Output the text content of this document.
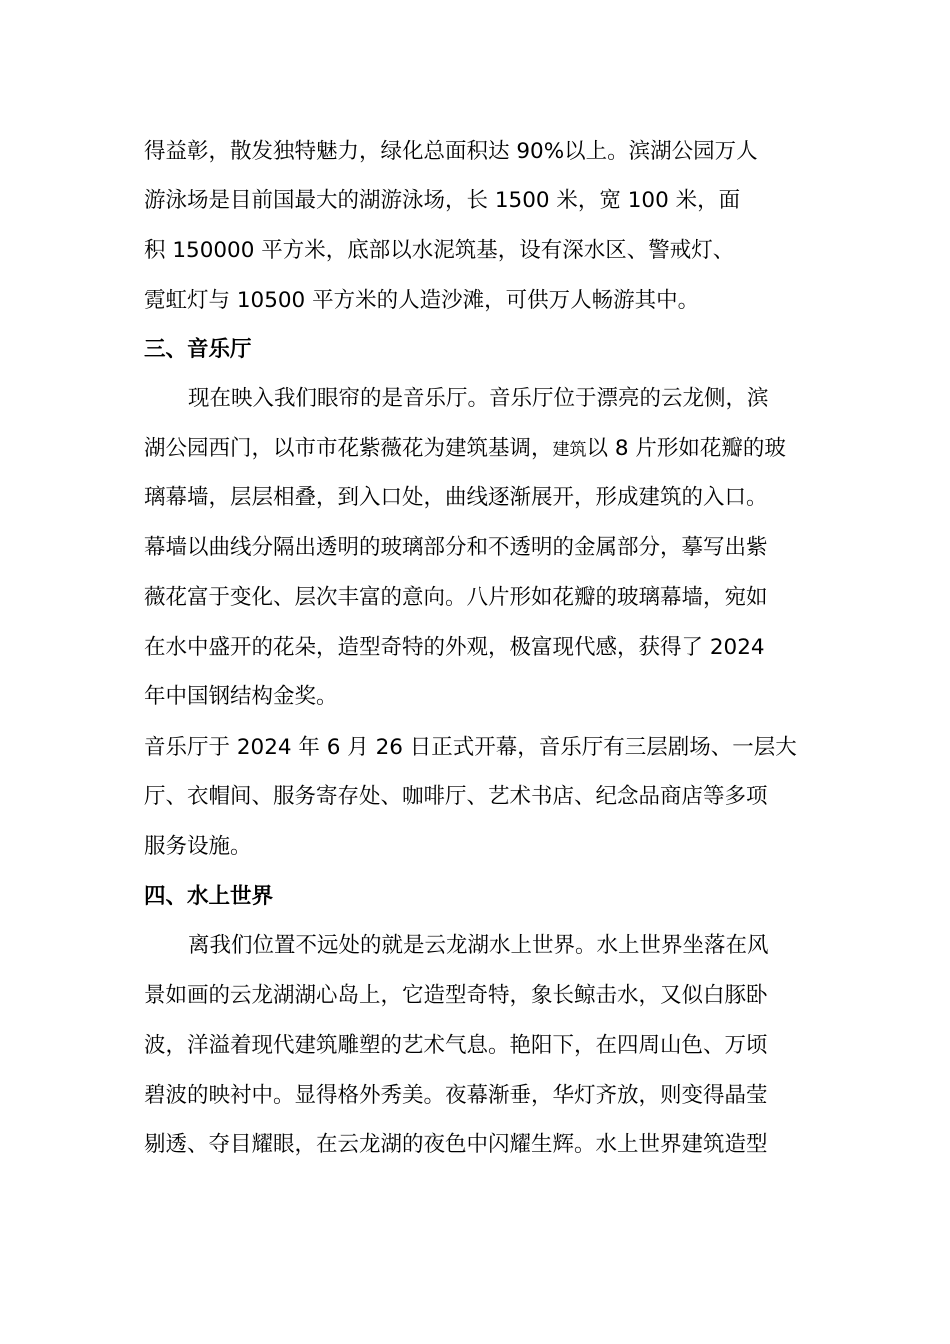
得益彰，散发独特魅力，绿化总面积达 90%以上。滨湖公园万人
游泳场是目前国最大的湖游泳场，长 1500 米，宽 100 米，面
积 150000 平方米，底部以水泥筑基，设有深水区、警戒灯、
霓虹灯与 10500 平方米的人造沙滩，可供万人畅游其中。
三、音乐厅
现在映入我们眼帘的是音乐厅。音乐厅位于漂亮的云龙侧，滨
湖公园西门，以市市花紫薇花为建筑基调，建筑以 8 片形如花瓣的玻
璃幕墙，层层相叠，到入口处，曲线逐渐展开，形成建筑的入口。
幕墙以曲线分隔出透明的玻璃部分和不透明的金属部分，摹写出紫
薇花富于变化、层次丰富的意向。八片形如花瓣的玻璃幕墙，宛如
在水中盛开的花朵，造型奇特的外观，极富现代感，获得了 2024
年中国钢结构金奖。
音乐厅于 2024 年 6 月 26 日正式开幕，音乐厅有三层剧场、一层大
厅、衣帽间、服务寄存处、咖啡厅、艺术书店、纪念品商店等多项
服务设施。
四、水上世界
离我们位置不远处的就是云龙湖水上世界。水上世界坐落在风
景如画的云龙湖湖心岛上，它造型奇特，象长鲸击水，又似白豚卧
波，洋溢着现代建筑雕塑的艺术气息。艳阳下，在四周山色、万顷
碧波的映衬中。显得格外秀美。夜幕渐垂，华灯齐放，则变得晶莹
剔透、夺目耀眼，在云龙湖的夜色中闪耀生辉。水上世界建筑造型
